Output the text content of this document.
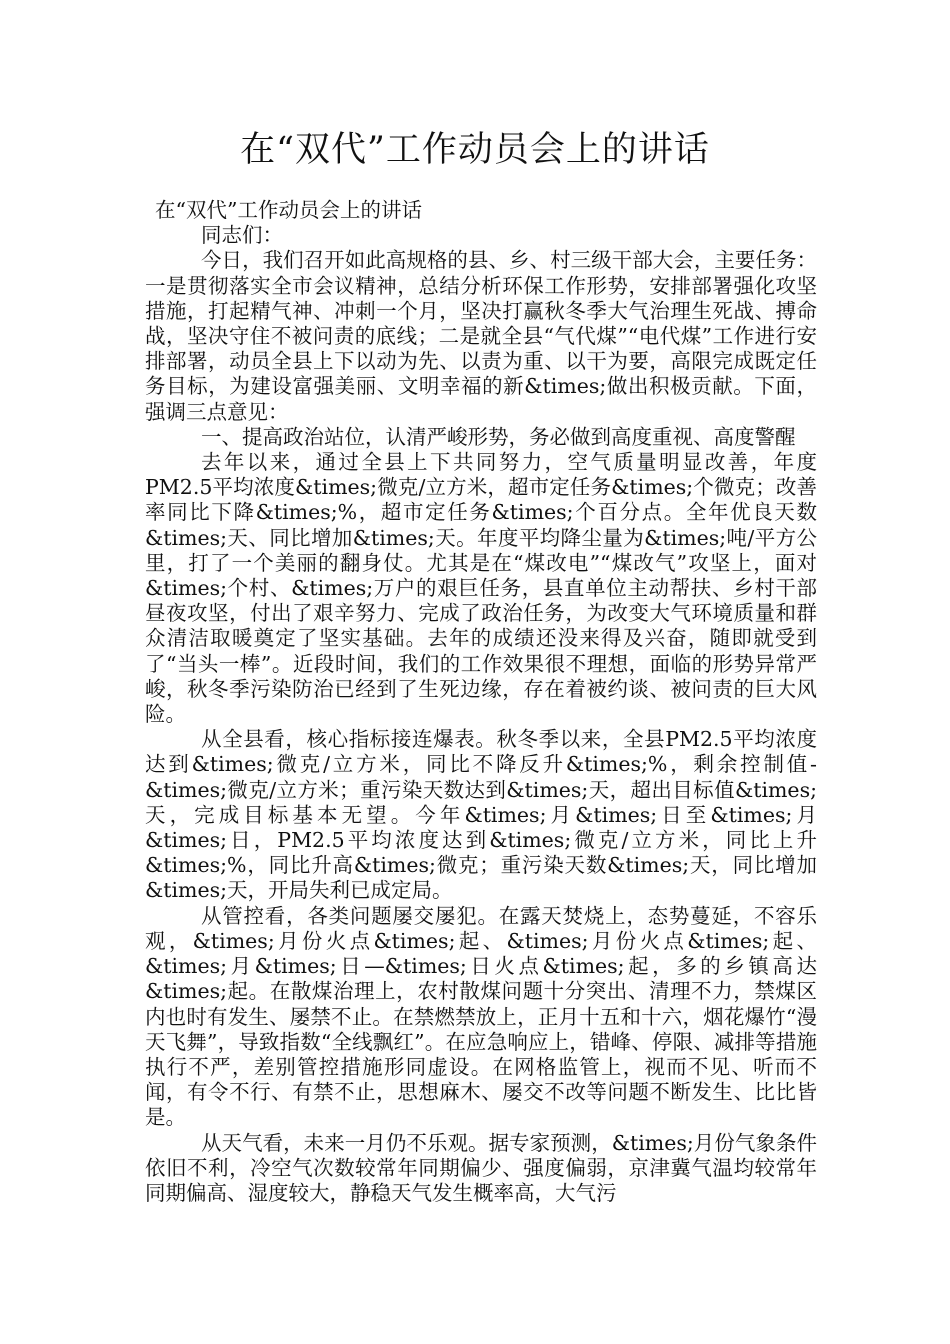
在“双代”工作动员会上的讲话

在“双代”工作动员会上的讲话

同志们：

今日，我们召开如此高规格的县、乡、村三级干部大会，主要任务：一是贯彻落实全市会议精神，总结分析环保工作形势，安排部署强化攻坚措施，打起精气神、冲刺一个月，坚决打赢秋冬季大气治理生死战、搏命战，坚决守住不被问责的底线；二是就全县“气代煤”“电代煤”工作进行安排部署，动员全县上下以动为先、以责为重、以干为要，高限完成既定任务目标，为建设富强美丽、文明幸福的新&times;做出积极贡献。下面，强调三点意见：

一、提高政治站位，认清严峻形势，务必做到高度重视、高度警醒

去年以来，通过全县上下共同努力，空气质量明显改善，年度PM2.5平均浓度&times;微克/立方米，超市定任务&times;个微克；改善率同比下降&times;%，超市定任务&times;个百分点。全年优良天数&times;天、同比增加&times;天。年度平均降尘量为&times;吨/平方公里，打了一个美丽的翻身仗。尤其是在“煤改电”“煤改气”攻坚上，面对&times;个村、&times;万户的艰巨任务，县直单位主动帮扶、乡村干部昼夜攻坚，付出了艰辛努力、完成了政治任务，为改变大气环境质量和群众清洁取暖奠定了坚实基础。去年的成绩还没来得及兴奋，随即就受到了“当头一棒”。近段时间，我们的工作效果很不理想，面临的形势异常严峻，秋冬季污染防治已经到了生死边缘，存在着被约谈、被问责的巨大风险。

从全县看，核心指标接连爆表。秋冬季以来，全县PM2.5平均浓度达到&times;微克/立方米，同比不降反升&times;%，剩余控制值-&times;微克/立方米；重污染天数达到&times;天，超出目标值&times;天，完成目标基本无望。今年&times;月&times;日至&times;月&times;日，PM2.5平均浓度达到&times;微克/立方米，同比上升&times;%，同比升高&times;微克；重污染天数&times;天，同比增加&times;天，开局失利已成定局。

从管控看，各类问题屡交屡犯。在露天焚烧上，态势蔓延，不容乐观，&times;月份火点&times;起、&times;月份火点&times;起、&times;月&times;日—&times;日火点&times;起，多的乡镇高达&times;起。在散煤治理上，农村散煤问题十分突出、清理不力，禁煤区内也时有发生、屡禁不止。在禁燃禁放上，正月十五和十六，烟花爆竹“漫天飞舞”，导致指数“全线飘红”。在应急响应上，错峰、停限、减排等措施执行不严，差别管控措施形同虚设。在网格监管上，视而不见、听而不闻，有令不行、有禁不止，思想麻木、屡交不改等问题不断发生、比比皆是。

从天气看，未来一月仍不乐观。据专家预测，&times;月份气象条件依旧不利，冷空气次数较常年同期偏少、强度偏弱，京津冀气温均较常年同期偏高、湿度较大，静稳天气发生概率高，大气污
